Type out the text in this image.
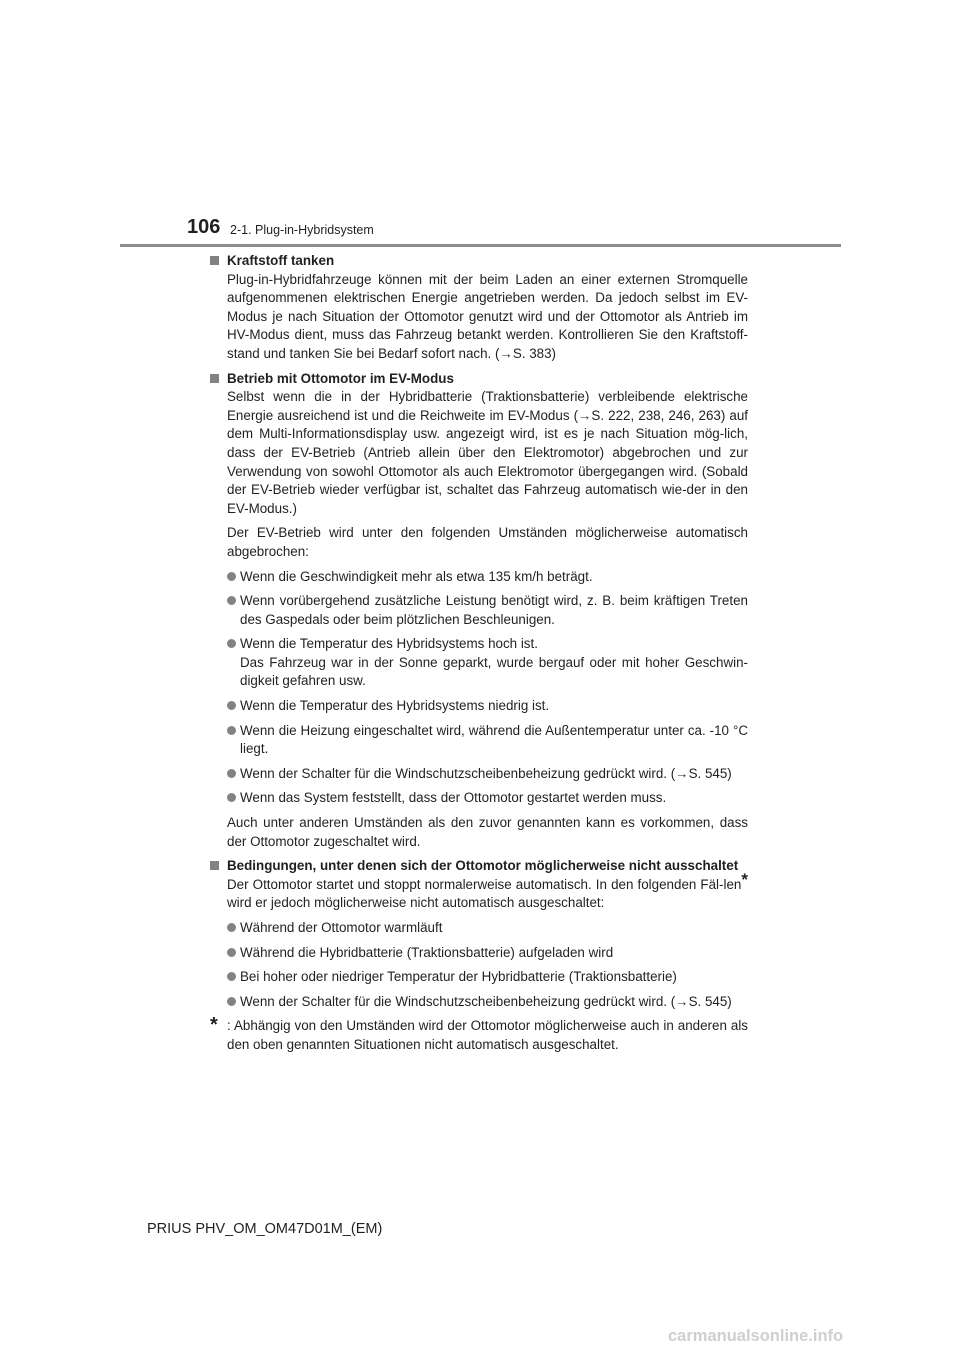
106 2-1. Plug-in-Hybridsystem
Kraftstoff tanken
Plug-in-Hybridfahrzeuge können mit der beim Laden an einer externen Stromquelle aufgenommenen elektrischen Energie angetrieben werden. Da jedoch selbst im EV-Modus je nach Situation der Ottomotor genutzt wird und der Ottomotor als Antrieb im HV-Modus dient, muss das Fahrzeug betankt werden. Kontrollieren Sie den Kraftstoff-stand und tanken Sie bei Bedarf sofort nach. (→S. 383)
Betrieb mit Ottomotor im EV-Modus
Selbst wenn die in der Hybridbatterie (Traktionsbatterie) verbleibende elektrische Energie ausreichend ist und die Reichweite im EV-Modus (→S. 222, 238, 246, 263) auf dem Multi-Informationsdisplay usw. angezeigt wird, ist es je nach Situation mög-lich, dass der EV-Betrieb (Antrieb allein über den Elektromotor) abgebrochen und zur Verwendung von sowohl Ottomotor als auch Elektromotor übergegangen wird. (Sobald der EV-Betrieb wieder verfügbar ist, schaltet das Fahrzeug automatisch wie-der in den EV-Modus.)
Der EV-Betrieb wird unter den folgenden Umständen möglicherweise automatisch abgebrochen:
Wenn die Geschwindigkeit mehr als etwa 135 km/h beträgt.
Wenn vorübergehend zusätzliche Leistung benötigt wird, z. B. beim kräftigen Treten des Gaspedals oder beim plötzlichen Beschleunigen.
Wenn die Temperatur des Hybridsystems hoch ist.
Das Fahrzeug war in der Sonne geparkt, wurde bergauf oder mit hoher Geschwin-digkeit gefahren usw.
Wenn die Temperatur des Hybridsystems niedrig ist.
Wenn die Heizung eingeschaltet wird, während die Außentemperatur unter ca. -10 °C liegt.
Wenn der Schalter für die Windschutzscheibenbeheizung gedrückt wird. (→S. 545)
Wenn das System feststellt, dass der Ottomotor gestartet werden muss.
Auch unter anderen Umständen als den zuvor genannten kann es vorkommen, dass der Ottomotor zugeschaltet wird.
Bedingungen, unter denen sich der Ottomotor möglicherweise nicht ausschaltet
Der Ottomotor startet und stoppt normalerweise automatisch. In den folgenden Fäl-len* wird er jedoch möglicherweise nicht automatisch ausgeschaltet:
Während der Ottomotor warmläuft
Während die Hybridbatterie (Traktionsbatterie) aufgeladen wird
Bei hoher oder niedriger Temperatur der Hybridbatterie (Traktionsbatterie)
Wenn der Schalter für die Windschutzscheibenbeheizung gedrückt wird. (→S. 545)
* : Abhängig von den Umständen wird der Ottomotor möglicherweise auch in anderen als den oben genannten Situationen nicht automatisch ausgeschaltet.
PRIUS PHV_OM_OM47D01M_(EM)
carmanualsonline.info
